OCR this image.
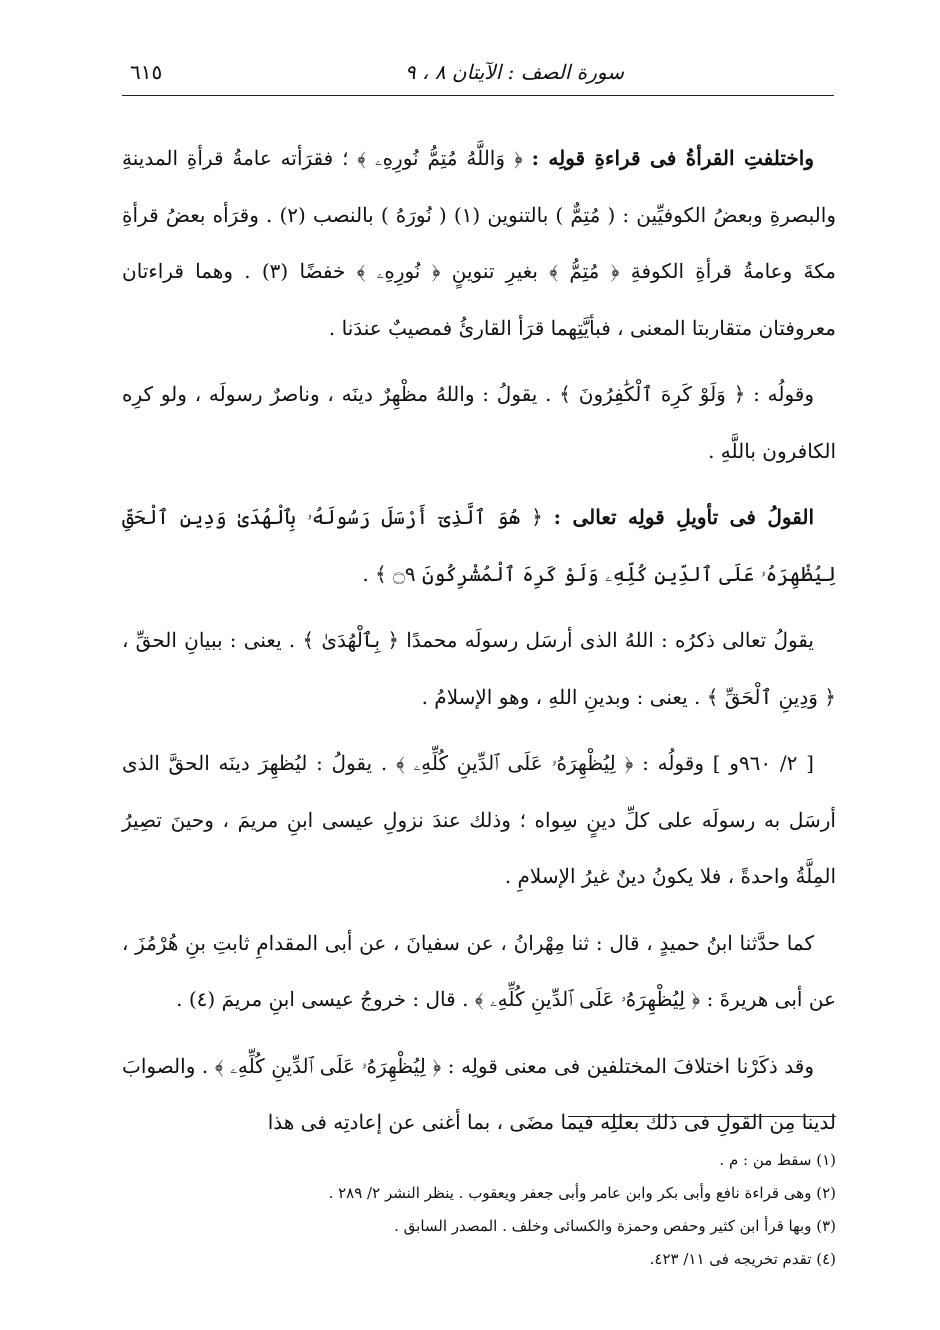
سورة الصف : الآيتان ٨ ، ٩
٦١٥

واختلفتِ القرأةُ فى قراءةِ قولِه : ﴿ وَاللَّهُ مُتِمُّ نُورِهِۦ ﴾ ؛ فقرَأته عامةُ قرأةِ المدينةِ والبصرةِ وبعضُ الكوفيِّين : ( مُتِمٌّ ) بالتنوين (١) ( نُورَهُ ) بالنصب (٢) . وقرَأه بعضُ قرأةِ مكةَ وعامةُ قرأةِ الكوفةِ ﴿ مُتِمُّ ﴾ بغيرِ تنوينٍ ﴿ نُورِهِۦ ﴾ خفضًا (٣) . وهما قراءتان معروفتان متقاربتا المعنى ، فبأيَّتِهما قرَأ القارئُ فمصيبٌ عندَنا .

وقولُه : ﴿ وَلَوْ كَرِهَ ٱلْكَٰفِرُونَ ﴾ . يقولُ : واللهُ مظْهِرٌ دينَه ، وناصرٌ رسولَه ، ولو كرِه الكافرون باللَّهِ .

القولُ فى تأويلِ قولِه تعالى : ﴿ هُوَ ٱلَّذِىٓ أَرْسَلَ رَسُولَهُۥ بِٱلْهُدَىٰ وَدِينِ ٱلْحَقِّ لِيُظْهِرَهُۥ عَلَى ٱلدِّينِ كُلِّهِۦ وَلَوْ كَرِهَ ٱلْمُشْرِكُونَ ۝٩ ﴾ .

يقولُ تعالى ذكرُه : اللهُ الذى أرسَل رسولَه محمدًا ﴿ بِٱلْهُدَىٰ ﴾ . يعنى : ببيانِ الحقِّ ، ﴿ وَدِينِ ٱلْحَقِّ ﴾ . يعنى : وبدينِ اللهِ ، وهو الإسلامُ .

[ ٢/ ٩٦٠و ] وقولُه : ﴿ لِيُظْهِرَهُۥ عَلَى ٱلدِّينِ كُلِّهِۦ ﴾ . يقولُ : ليُظهِرَ دينَه الحقَّ الذى أرسَل به رسولَه على كلِّ دينٍ سِواه ؛ وذلك عندَ نزولِ عيسى ابنِ مريمَ ، وحينَ تصِيرُ المِلَّةُ واحدةً ، فلا يكونُ دينٌ غيرُ الإسلامِ .

كما حدَّثنا ابنُ حميدٍ ، قال : ثنا مِهْرانُ ، عن سفيانَ ، عن أبى المقدامِ ثابتِ بنِ هُرْمُزَ ، عن أبى هريرةَ : ﴿ لِيُظْهِرَهُۥ عَلَى ٱلدِّينِ كُلِّهِۦ ﴾ . قال : خروجُ عيسى ابنِ مريمَ (٤) .

وقد ذكَرْنا اختلافَ المختلفين فى معنى قولِه : ﴿ لِيُظْهِرَهُۥ عَلَى ٱلدِّينِ كُلِّهِۦ ﴾ . والصوابَ لدينا مِن القولِ فى ذلك بعللِه فيما مضَى ، بما أغنى عن إعادتِه فى هذا

(١) سقط من : م .
(٢) وهى قراءة نافع وأبى بكر وابن عامر وأبى جعفر ويعقوب . ينظر النشر ٢/ ٢٨٩ .
(٣) وبها قرأ ابن كثير وحفص وحمزة والكسائى وخلف . المصدر السابق .
(٤) تقدم تخريجه فى ١١/ ٤٢٣.
